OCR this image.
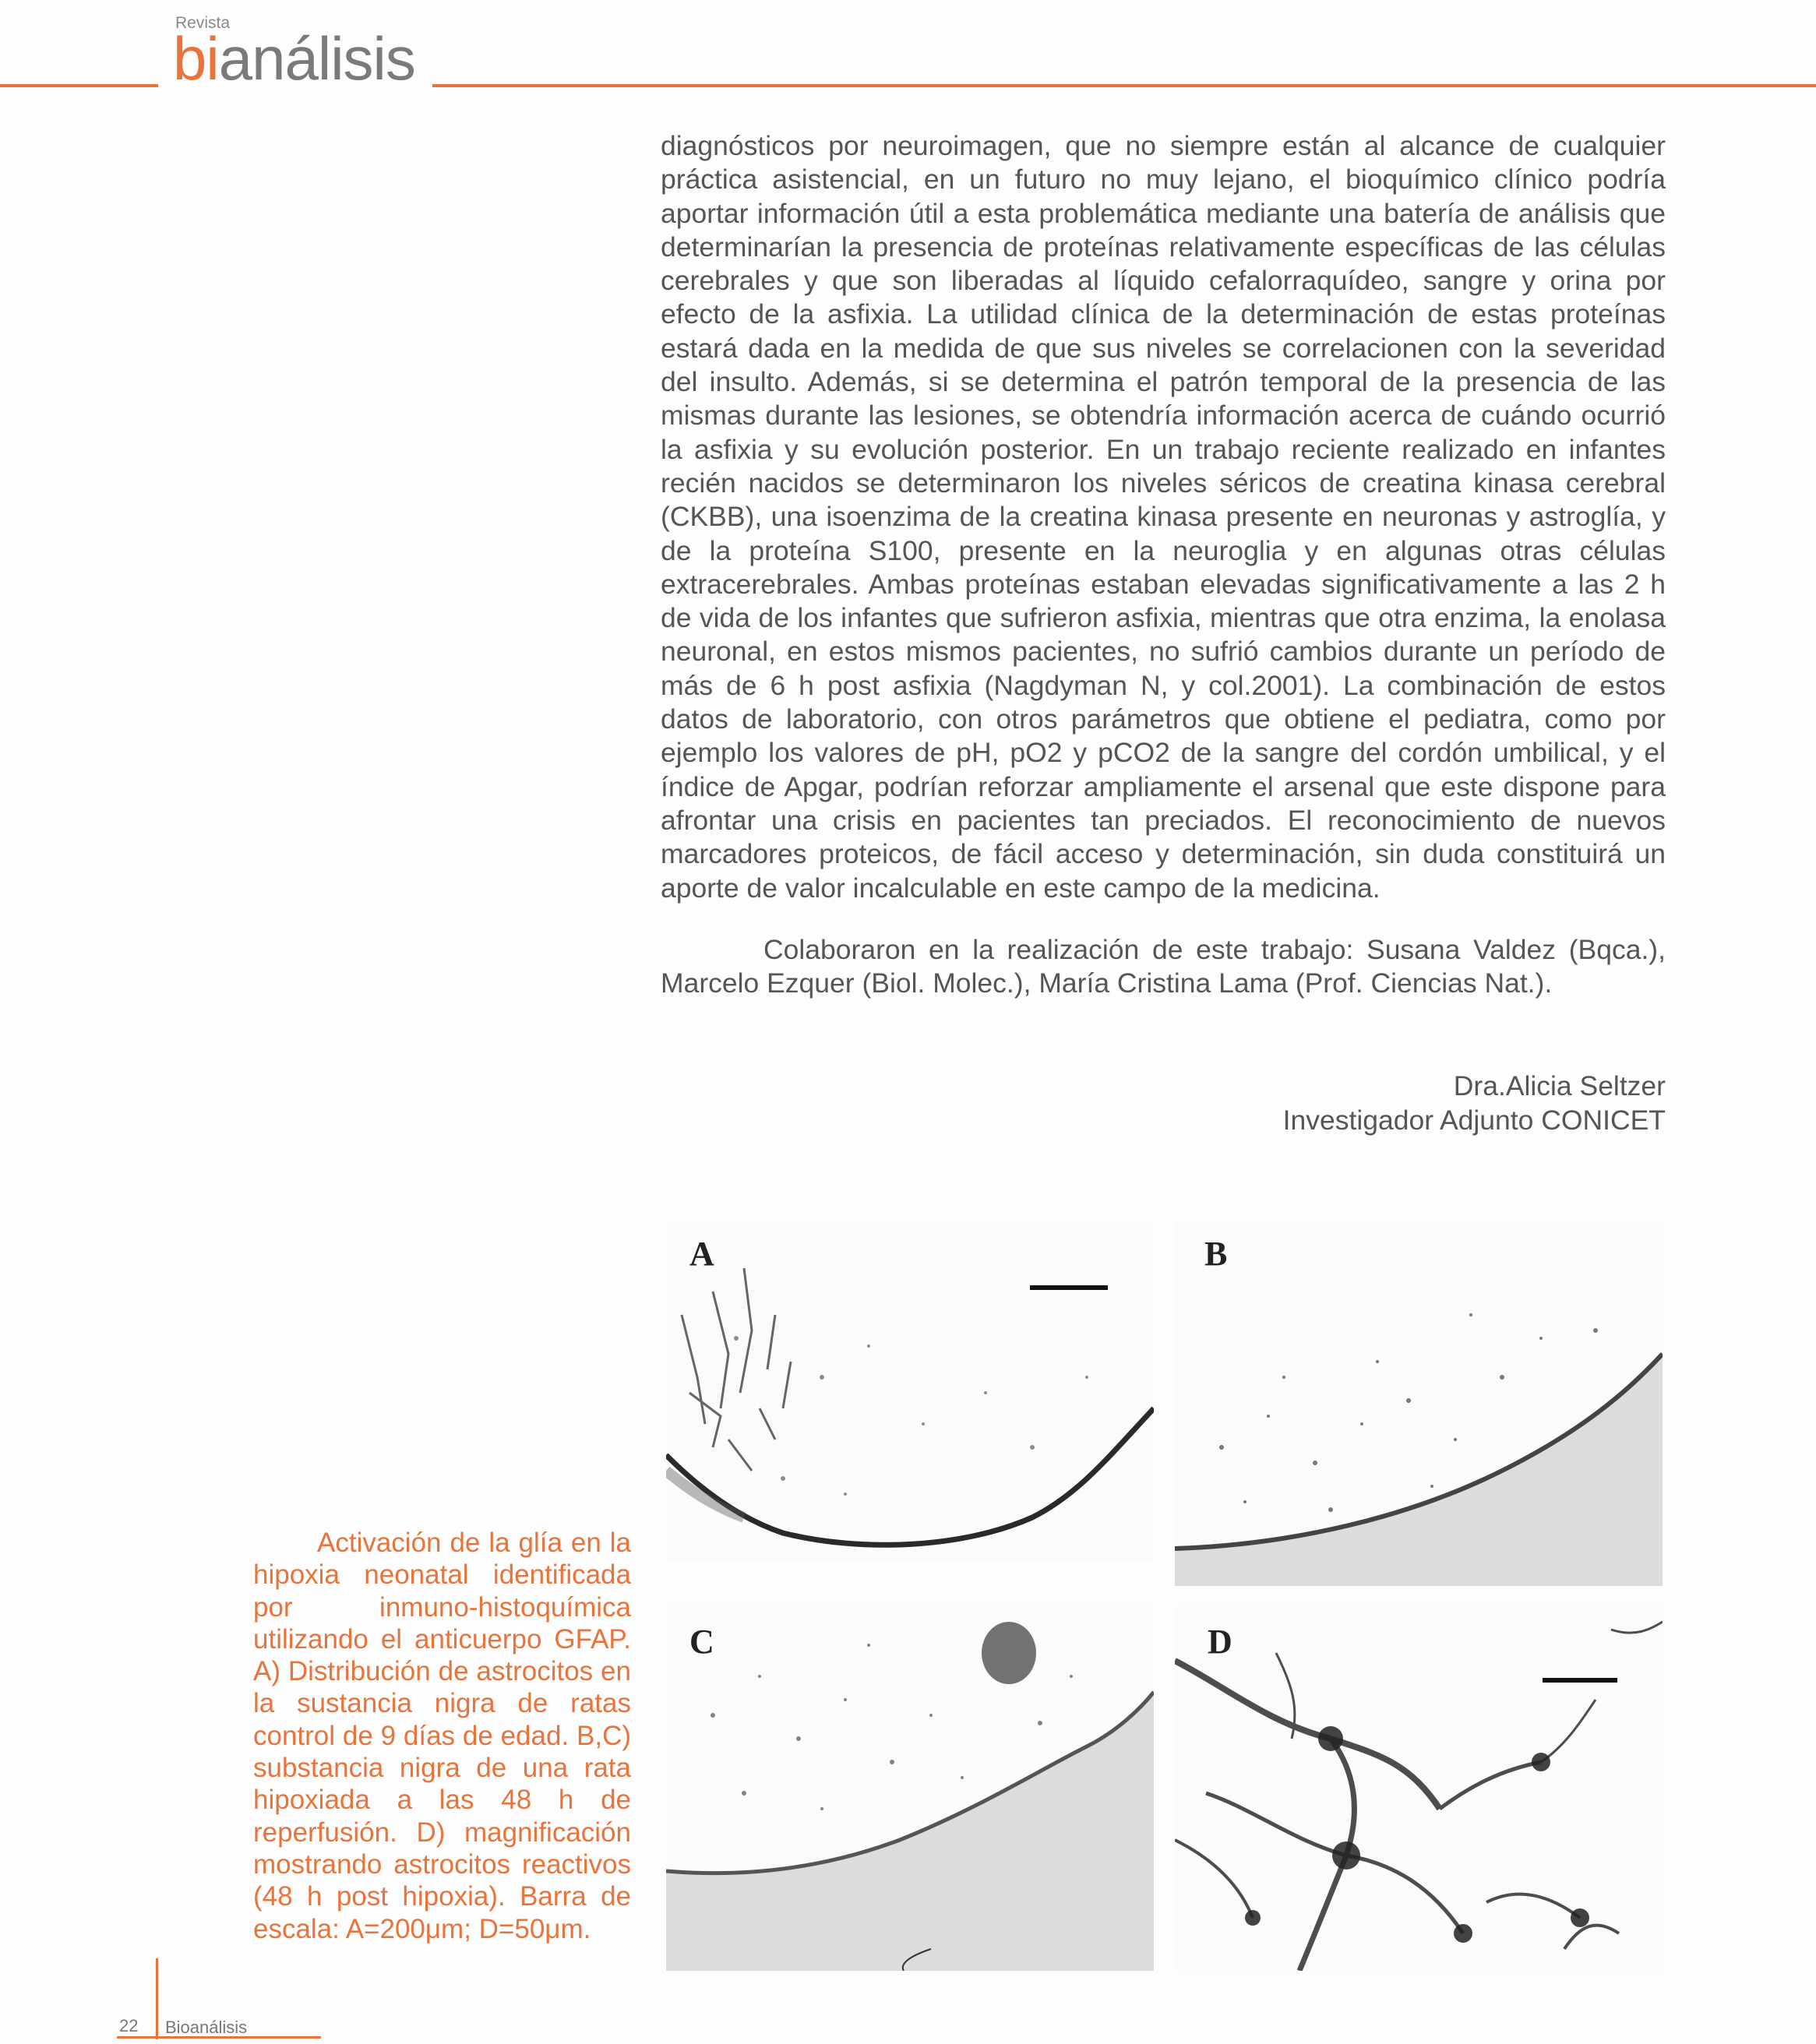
Revista
bianálisis

diagnósticos por neuroimagen, que no siempre están al alcance de cualquier práctica asistencial, en un futuro no muy lejano, el bioquímico clínico podría aportar información útil a esta problemática mediante una batería de análisis que determinarían la presencia de proteínas relativamente específicas de las células cerebrales y que son liberadas al líquido cefalorraquídeo, sangre y orina por efecto de la asfixia. La utilidad clínica de la determinación de estas proteínas estará dada en la medida de que sus niveles se correlacionen con la severidad del insulto. Además, si se determina el patrón temporal de la presencia de las mismas durante las lesiones, se obtendría información acerca de cuándo ocurrió la asfixia y su evolución posterior. En un trabajo reciente realizado en infantes recién nacidos se determinaron los niveles séricos de creatina kinasa cerebral (CKBB), una isoenzima de la creatina kinasa presente en neuronas y astroglía, y de la proteína S100, presente en la neuroglia y en algunas otras células extracerebrales. Ambas proteínas estaban elevadas significativamente a las 2 h de vida de los infantes que sufrieron asfixia, mientras que otra enzima, la enolasa neuronal, en estos mismos pacientes, no sufrió cambios durante un período de más de 6 h post asfixia (Nagdyman N, y col.2001). La combinación de estos datos de laboratorio, con otros parámetros que obtiene el pediatra, como por ejemplo los valores de pH, pO2 y pCO2 de la sangre del cordón umbilical, y el índice de Apgar, podrían reforzar ampliamente el arsenal que este dispone para afrontar una crisis en pacientes tan preciados. El reconocimiento de nuevos marcadores proteicos, de fácil acceso y determinación, sin duda constituirá un aporte de valor incalculable en este campo de la medicina.

Colaboraron en la realización de este trabajo: Susana Valdez (Bqca.), Marcelo Ezquer (Biol. Molec.), María Cristina Lama (Prof. Ciencias Nat.).
Dra.Alicia Seltzer
Investigador Adjunto CONICET
A	B
C	D
Activación de la glía en la hipoxia neonatal identificada por inmuno-histoquímica utilizando el anticuerpo GFAP. A) Distribución de astrocitos en la sustancia nigra de ratas control de 9 días de edad. B,C) substancia nigra de una rata hipoxiada a las 48 h de reperfusión. D) magnificación mostrando astrocitos reactivos (48 h post hipoxia). Barra de escala: A=200μm; D=50μm.
22 Bioanálisis
